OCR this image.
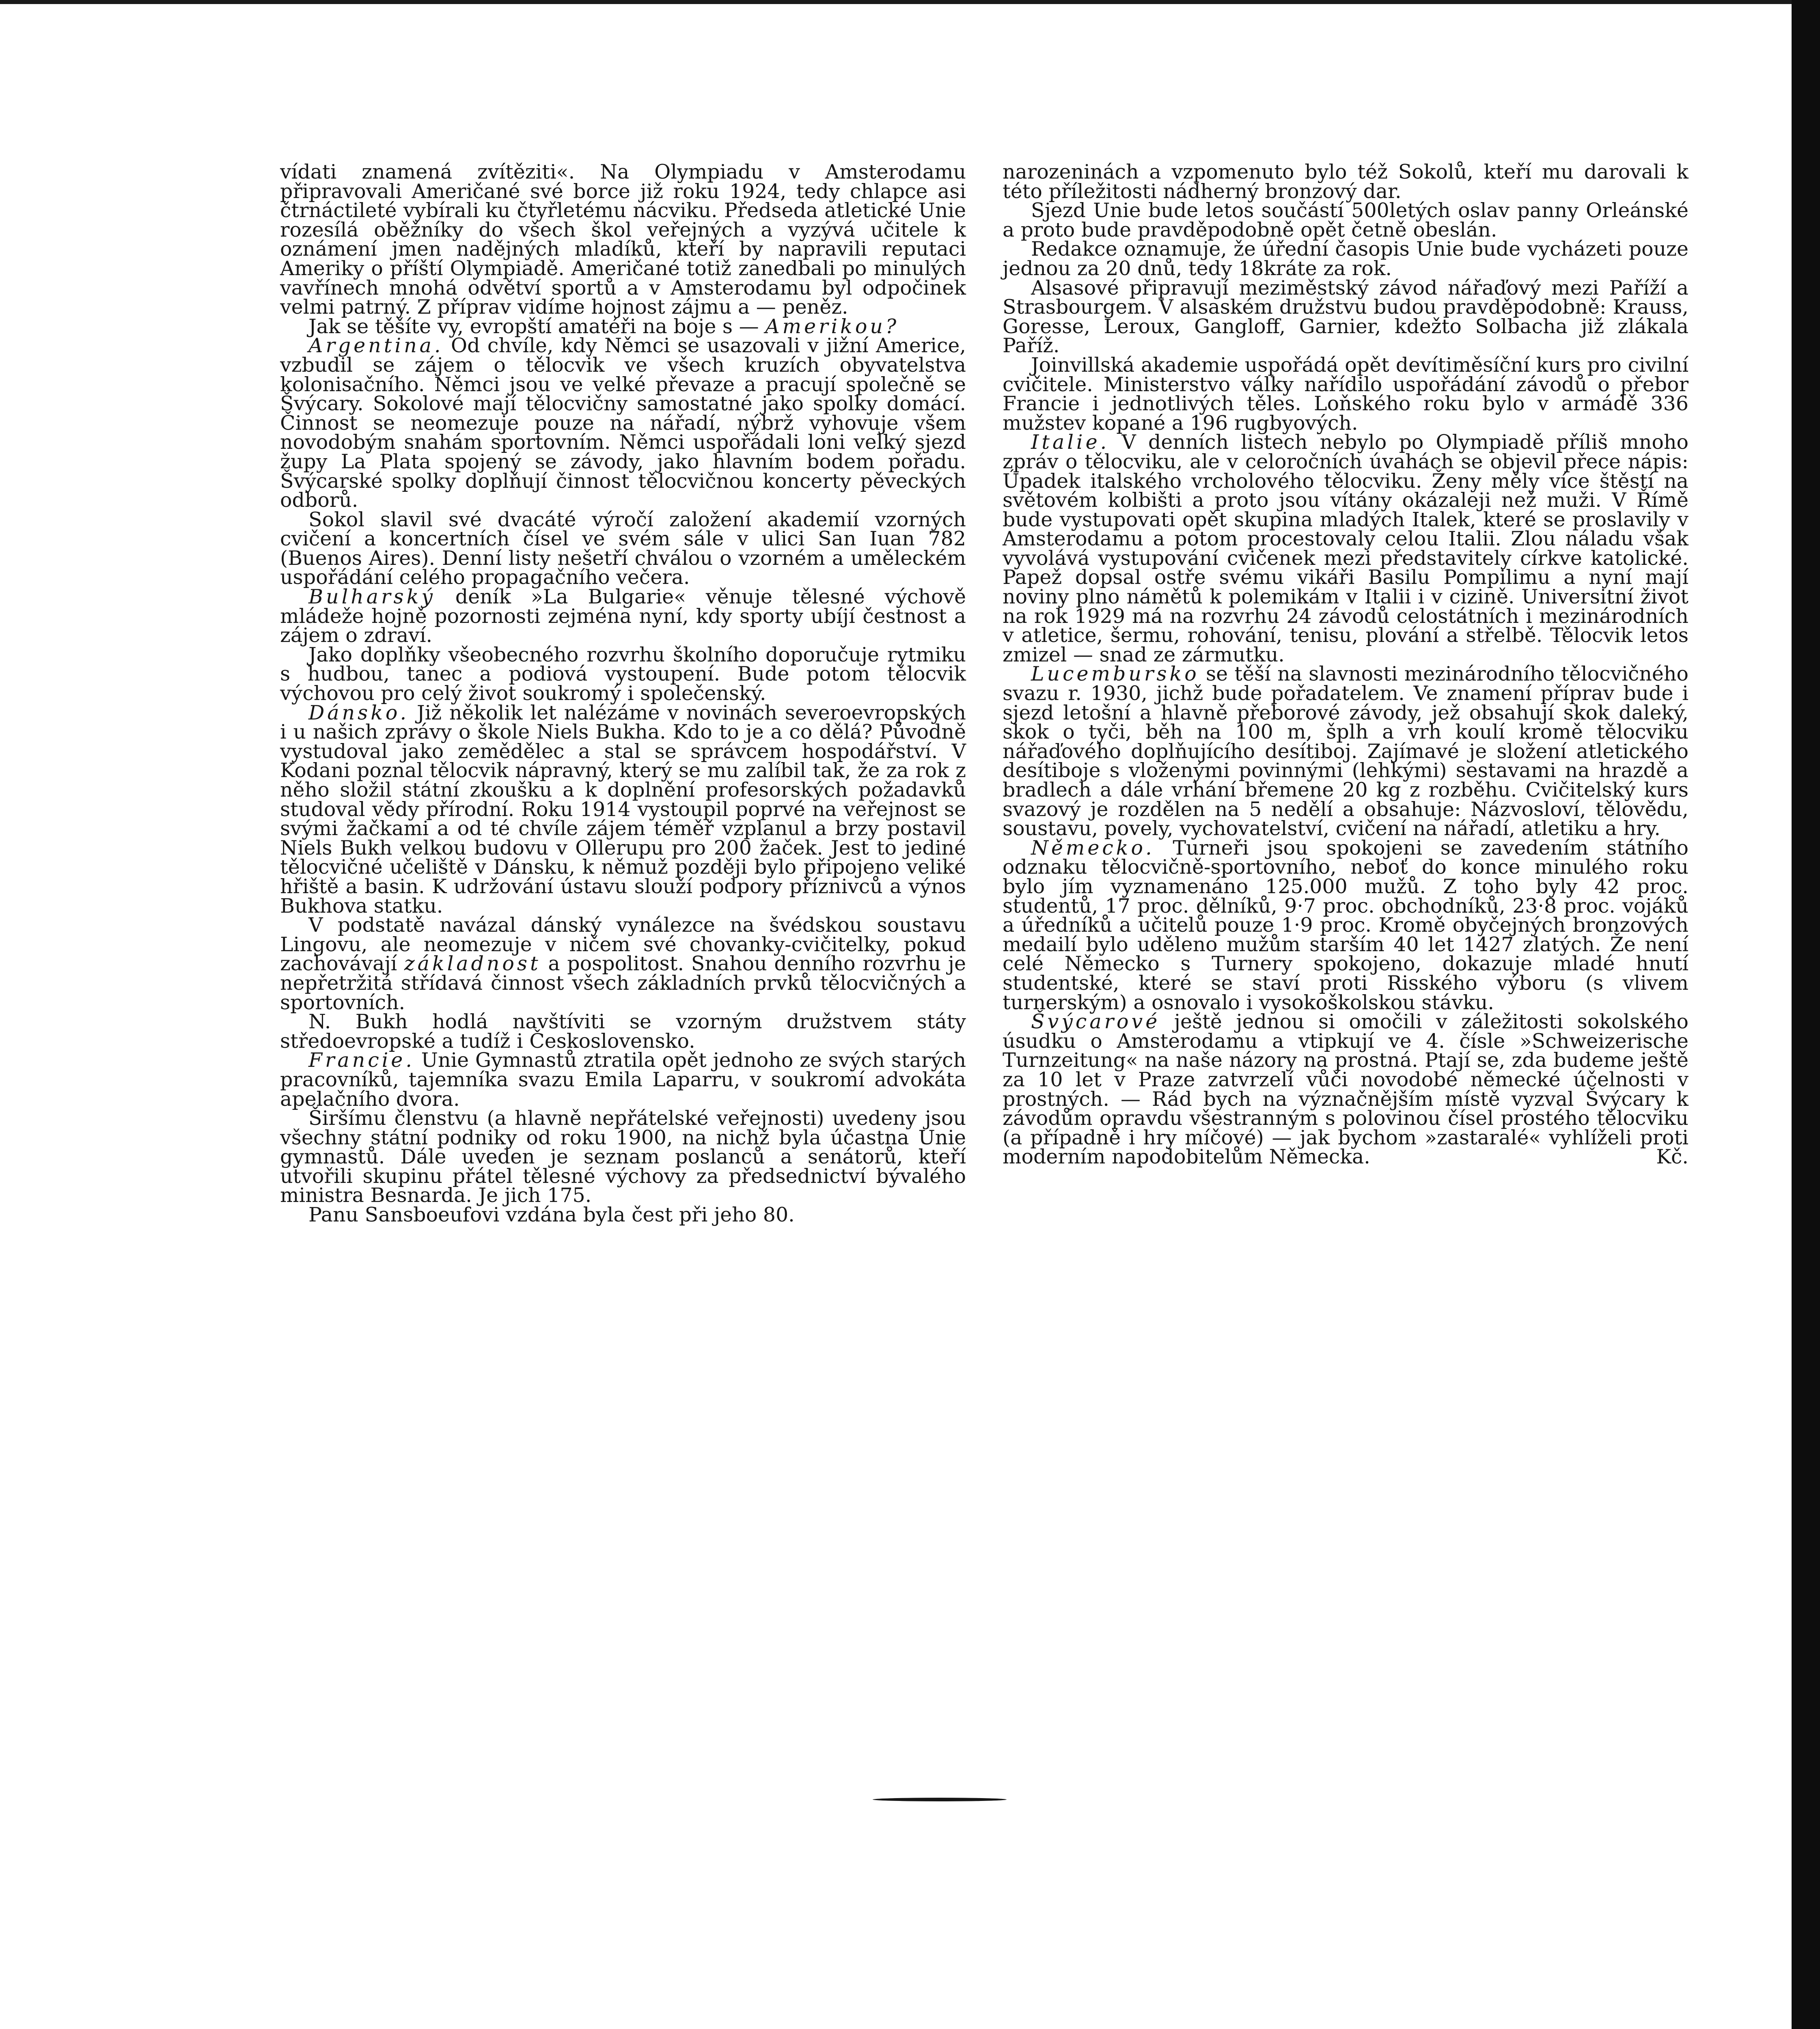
vídati znamená zvítěziti«. Na Olympiadu v Amsterodamu připravovali Američané své borce již roku 1924, tedy chlapce asi čtrnáctileté vybírali ku čtyřletému nácviku. Předseda atletické Unie rozesílá oběžníky do všech škol veřejných a vyzývá učitele k oznámení jmen nadějných mladíků, kteří by napravili reputaci Ameriky o příští Olympiadě. Američané totiž zanedbali po minulých vavřínech mnohá odvětví sportů a v Amsterodamu byl odpočinek velmi patrný. Z příprav vidíme hojnost zájmu a — peněz.

Jak se těšíte vy, evropští amatéři na boje s — Amerikou?

Argentina. Od chvíle, kdy Němci se usazovali v jižní Americe, vzbudil se zájem o tělocvik ve všech kruzích obyvatelstva kolonisačního. Němci jsou ve velké převaze a pracují společně se Švýcary. Sokolové mají tělocvičny samostatné jako spolky domácí. Činnost se neomezuje pouze na nářadí, nýbrž vyhovuje všem novodobým snahám sportovním. Němci uspořádali loni velký sjezd župy La Plata spojený se závody, jako hlavním bodem pořadu. Švýcarské spolky doplňují činnost tělocvičnou koncerty pěveckých odborů.

Sokol slavil své dvacáté výročí založení akademií vzorných cvičení a koncertních čísel ve svém sále v ulici San Iuan 782 (Buenos Aires). Denní listy nešetří chválou o vzorném a uměleckém uspořádání celého propagačního večera.

Bulharský deník »La Bulgarie« věnuje tělesné výchově mládeže hojně pozornosti zejména nyní, kdy sporty ubíjí čestnost a zájem o zdraví.

Jako doplňky všeobecného rozvrhu školního doporučuje rytmiku s hudbou, tanec a podiová vystoupení. Bude potom tělocvik výchovou pro celý život soukromý i společenský.

Dánsko. Již několik let nalézáme v novinách severoevropských i u našich zprávy o škole Niels Bukha. Kdo to je a co dělá? Původně vystudoval jako zemědělec a stal se správcem hospodářství. V Kodani poznal tělocvik nápravný, který se mu zalíbil tak, že za rok z něho složil státní zkoušku a k doplnění profesorských požadavků studoval vědy přírodní. Roku 1914 vystoupil poprvé na veřejnost se svými žačkami a od té chvíle zájem téměř vzplanul a brzy postavil Niels Bukh velkou budovu v Ollerupu pro 200 žaček. Jest to jediné tělocvičné učeliště v Dánsku, k němuž později bylo připojeno veliké hřiště a basin. K udržování ústavu slouží podpory příznivců a výnos Bukhova statku.

V podstatě navázal dánský vynálezce na švédskou soustavu Lingovu, ale neomezuje v ničem své chovanky-cvičitelky, pokud zachovávají základnost a pospolitost. Snahou denního rozvrhu je nepřetržitá střídavá činnost všech základních prvků tělocvičných a sportovních.

N. Bukh hodlá navštíviti se vzorným družstvem státy středoevropské a tudíž i Československo.

Francie. Unie Gymnastů ztratila opět jednoho ze svých starých pracovníků, tajemníka svazu Emila Laparru, v soukromí advokáta apelačního dvora.

Širšímu členstvu (a hlavně nepřátelské veřejnosti) uvedeny jsou všechny státní podniky od roku 1900, na nichž byla účastna Unie gymnastů. Dále uveden je seznam poslanců a senátorů, kteří utvořili skupinu přátel tělesné výchovy za předsednictví bývalého ministra Besnarda. Je jich 175.

Panu Sansboeufovi vzdána byla čest při jeho 80.

narozeninách a vzpomenuto bylo též Sokolů, kteří mu darovali k této příležitosti nádherný bronzový dar.

Sjezd Unie bude letos součástí 500letých oslav panny Orleánské a proto bude pravděpodobně opět četně obeslán.

Redakce oznamuje, že úřední časopis Unie bude vycházeti pouze jednou za 20 dnů, tedy 18kráte za rok.

Alsasové připravují meziměstský závod nářaďový mezi Paříží a Strasbourgem. V alsaském družstvu budou pravděpodobně: Krauss, Goresse, Leroux, Gangloff, Garnier, kdežto Solbacha již zlákala Paříž.

Joinvillská akademie uspořádá opět devítiměsíční kurs pro civilní cvičitele. Ministerstvo války nařídilo uspořádání závodů o přebor Francie i jednotlivých těles. Loňského roku bylo v armádě 336 mužstev kopané a 196 rugbyových.

Italie. V denních listech nebylo po Olympiadě příliš mnoho zpráv o tělocviku, ale v celoročních úvahách se objevil přece nápis: Úpadek italského vrcholového tělocviku. Ženy měly více štěstí na světovém kolbišti a proto jsou vítány okázaleji než muži. V Římě bude vystupovati opět skupina mladých Italek, které se proslavily v Amsterodamu a potom procestovaly celou Italii. Zlou náladu však vyvolává vystupování cvičenek mezi představitely církve katolické. Papež dopsal ostře svému vikáři Basilu Pompilimu a nyní mají noviny plno námětů k polemikám v Italii i v cizině. Universitní život na rok 1929 má na rozvrhu 24 závodů celostátních i mezinárodních v atletice, šermu, rohování, tenisu, plování a střelbě. Tělocvik letos zmizel — snad ze zármutku.

Lucembursko se těší na slavnosti mezinárodního tělocvičného svazu r. 1930, jichž bude pořadatelem. Ve znamení příprav bude i sjezd letošní a hlavně přeborové závody, jež obsahují skok daleký, skok o tyči, běh na 100 m, šplh a vrh koulí kromě tělocviku nářaďového doplňujícího desítiboj. Zajímavé je složení atletického desítiboje s vloženými povinnými (lehkými) sestavami na hrazdě a bradlech a dále vrhání břemene 20 kg z rozběhu. Cvičitelský kurs svazový je rozdělen na 5 nedělí a obsahuje: Názvosloví, tělovědu, soustavu, povely, vychovatelství, cvičení na nářadí, atletiku a hry.

Německo. Turneři jsou spokojeni se zavedením státního odznaku tělocvičně-sportovního, neboť do konce minulého roku bylo jím vyznamenáno 125.000 mužů. Z toho byly 42 proc. studentů, 17 proc. dělníků, 9·7 proc. obchodníků, 23·8 proc. vojáků a úředníků a učitelů pouze 1·9 proc. Kromě obyčejných bronzových medailí bylo uděleno mužům starším 40 let 1427 zlatých. Že není celé Německo s Turnery spokojeno, dokazuje mladé hnutí studentské, které se staví proti Risského výboru (s vlivem turnerským) a osnovalo i vysokoškolskou stávku.

Švýcarové ještě jednou si omočili v záležitosti sokolského úsudku o Amsterodamu a vtipkují ve 4. čísle »Schweizerische Turnzeitung« na naše názory na prostná. Ptají se, zda budeme ještě za 10 let v Praze zatvrzelí vůči novodobé německé účelnosti v prostných. — Rád bych na význačnějším místě vyzval Švýcary k závodům opravdu všestranným s polovinou čísel prostého tělocviku (a případně i hry míčové) — jak bychom »zastaralé« vyhlíželi proti moderním napodobitelům Německa.	Kč.
